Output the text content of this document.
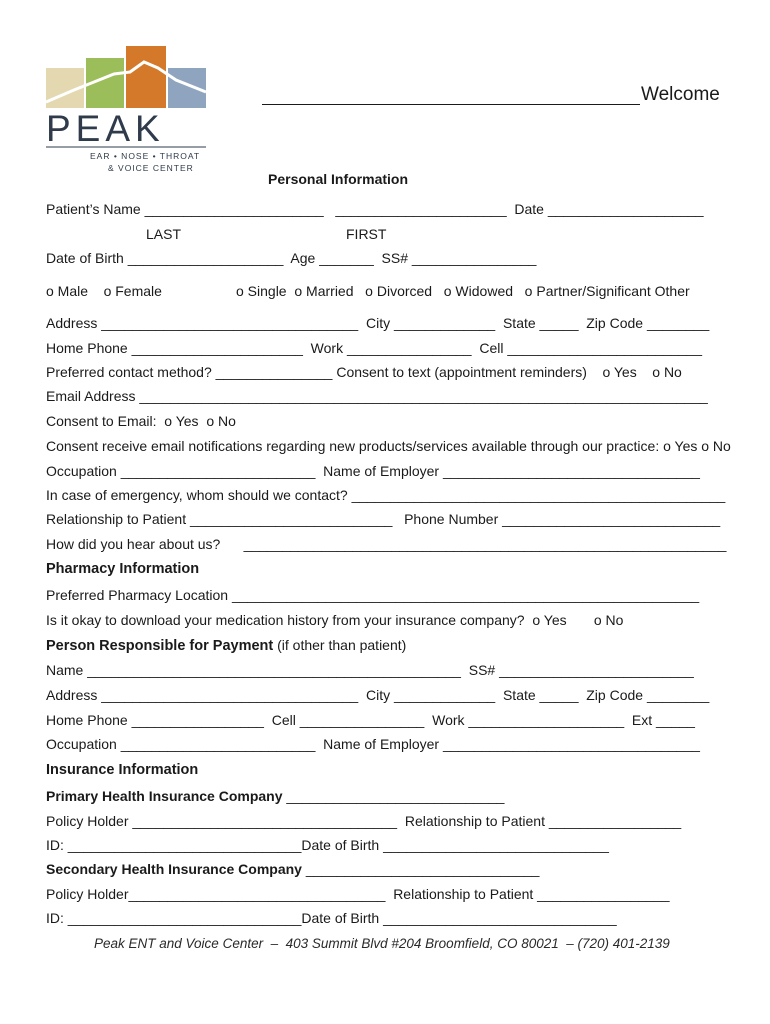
PEAK
EAR • NOSE • THROAT
& VOICE CENTER
Welcome
Personal Information
Patient’s Name _______________________   ______________________  Date ____________________
LAST	FIRST
Date of Birth ____________________  Age _______  SS# ________________
o Male    o Female	o Single  o Married   o Divorced   o Widowed   o Partner/Significant Other
Address _________________________________  City _____________  State _____  Zip Code ________
Home Phone ______________________  Work ________________  Cell _________________________
Preferred contact method? _______________ Consent to text (appointment reminders)    o Yes    o No
Email Address _________________________________________________________________________
Consent to Email:  o Yes  o No
Consent receive email notifications regarding new products/services available through our practice: o Yes o No
Occupation _________________________  Name of Employer _________________________________
In case of emergency, whom should we contact? ________________________________________________
Relationship to Patient __________________________   Phone Number ____________________________
How did you hear about us?      ______________________________________________________________
Pharmacy Information
Preferred Pharmacy Location ____________________________________________________________
Is it okay to download your medication history from your insurance company?  o Yes       o No
Person Responsible for Payment (if other than patient)
Name ________________________________________________  SS# _________________________
Address _________________________________  City _____________  State _____  Zip Code ________
Home Phone _________________  Cell ________________  Work ____________________  Ext _____
Occupation _________________________  Name of Employer _________________________________
Insurance Information
Primary Health Insurance Company ____________________________
Policy Holder __________________________________  Relationship to Patient _________________
ID: ______________________________Date of Birth _____________________________
Secondary Health Insurance Company ______________________________
Policy Holder_________________________________  Relationship to Patient _________________
ID: ______________________________Date of Birth ______________________________
Peak ENT and Voice Center  –  403 Summit Blvd #204 Broomfield, CO 80021  – (720) 401-2139
